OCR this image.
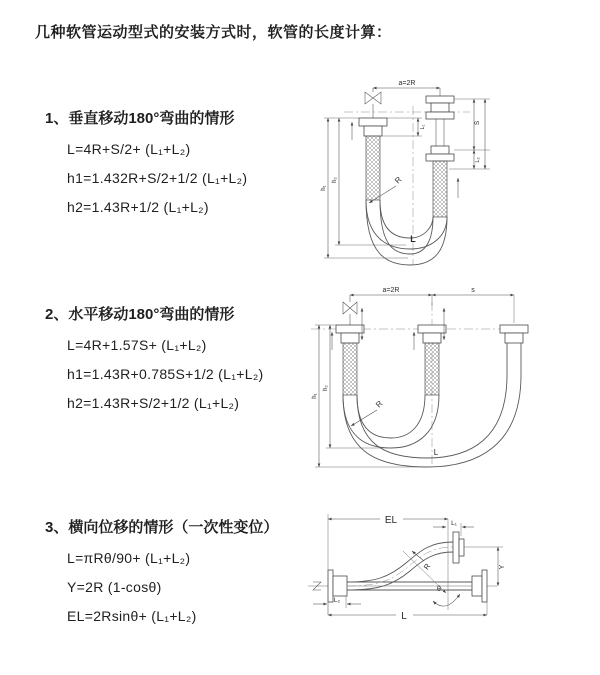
几种软管运动型式的安装方式时，软管的长度计算：
1、垂直移动180°弯曲的情形
L=4R+S/2+ (L₁+L₂)
h1=1.432R+S/2+1/2 (L₁+L₂)
h2=1.43R+1/2 (L₁+L₂)
a=2R
L₁
S
L₂
h₁
h₂	R
L
2、水平移动180°弯曲的情形
L=4R+1.57S+ (L₁+L₂)
h1=1.43R+0.785S+1/2 (L₁+L₂)
h2=1.43R+S/2+1/2 (L₁+L₂)
a=2R	s
h₁
h₂
R
L
3、横向位移的情形（一次性变位）
L=πRθ/90+ (L₁+L₂)
Y=2R (1-cosθ)
EL=2Rsinθ+ (L₁+L₂)
EL	L₁
Y
R
θ
L₂
L
